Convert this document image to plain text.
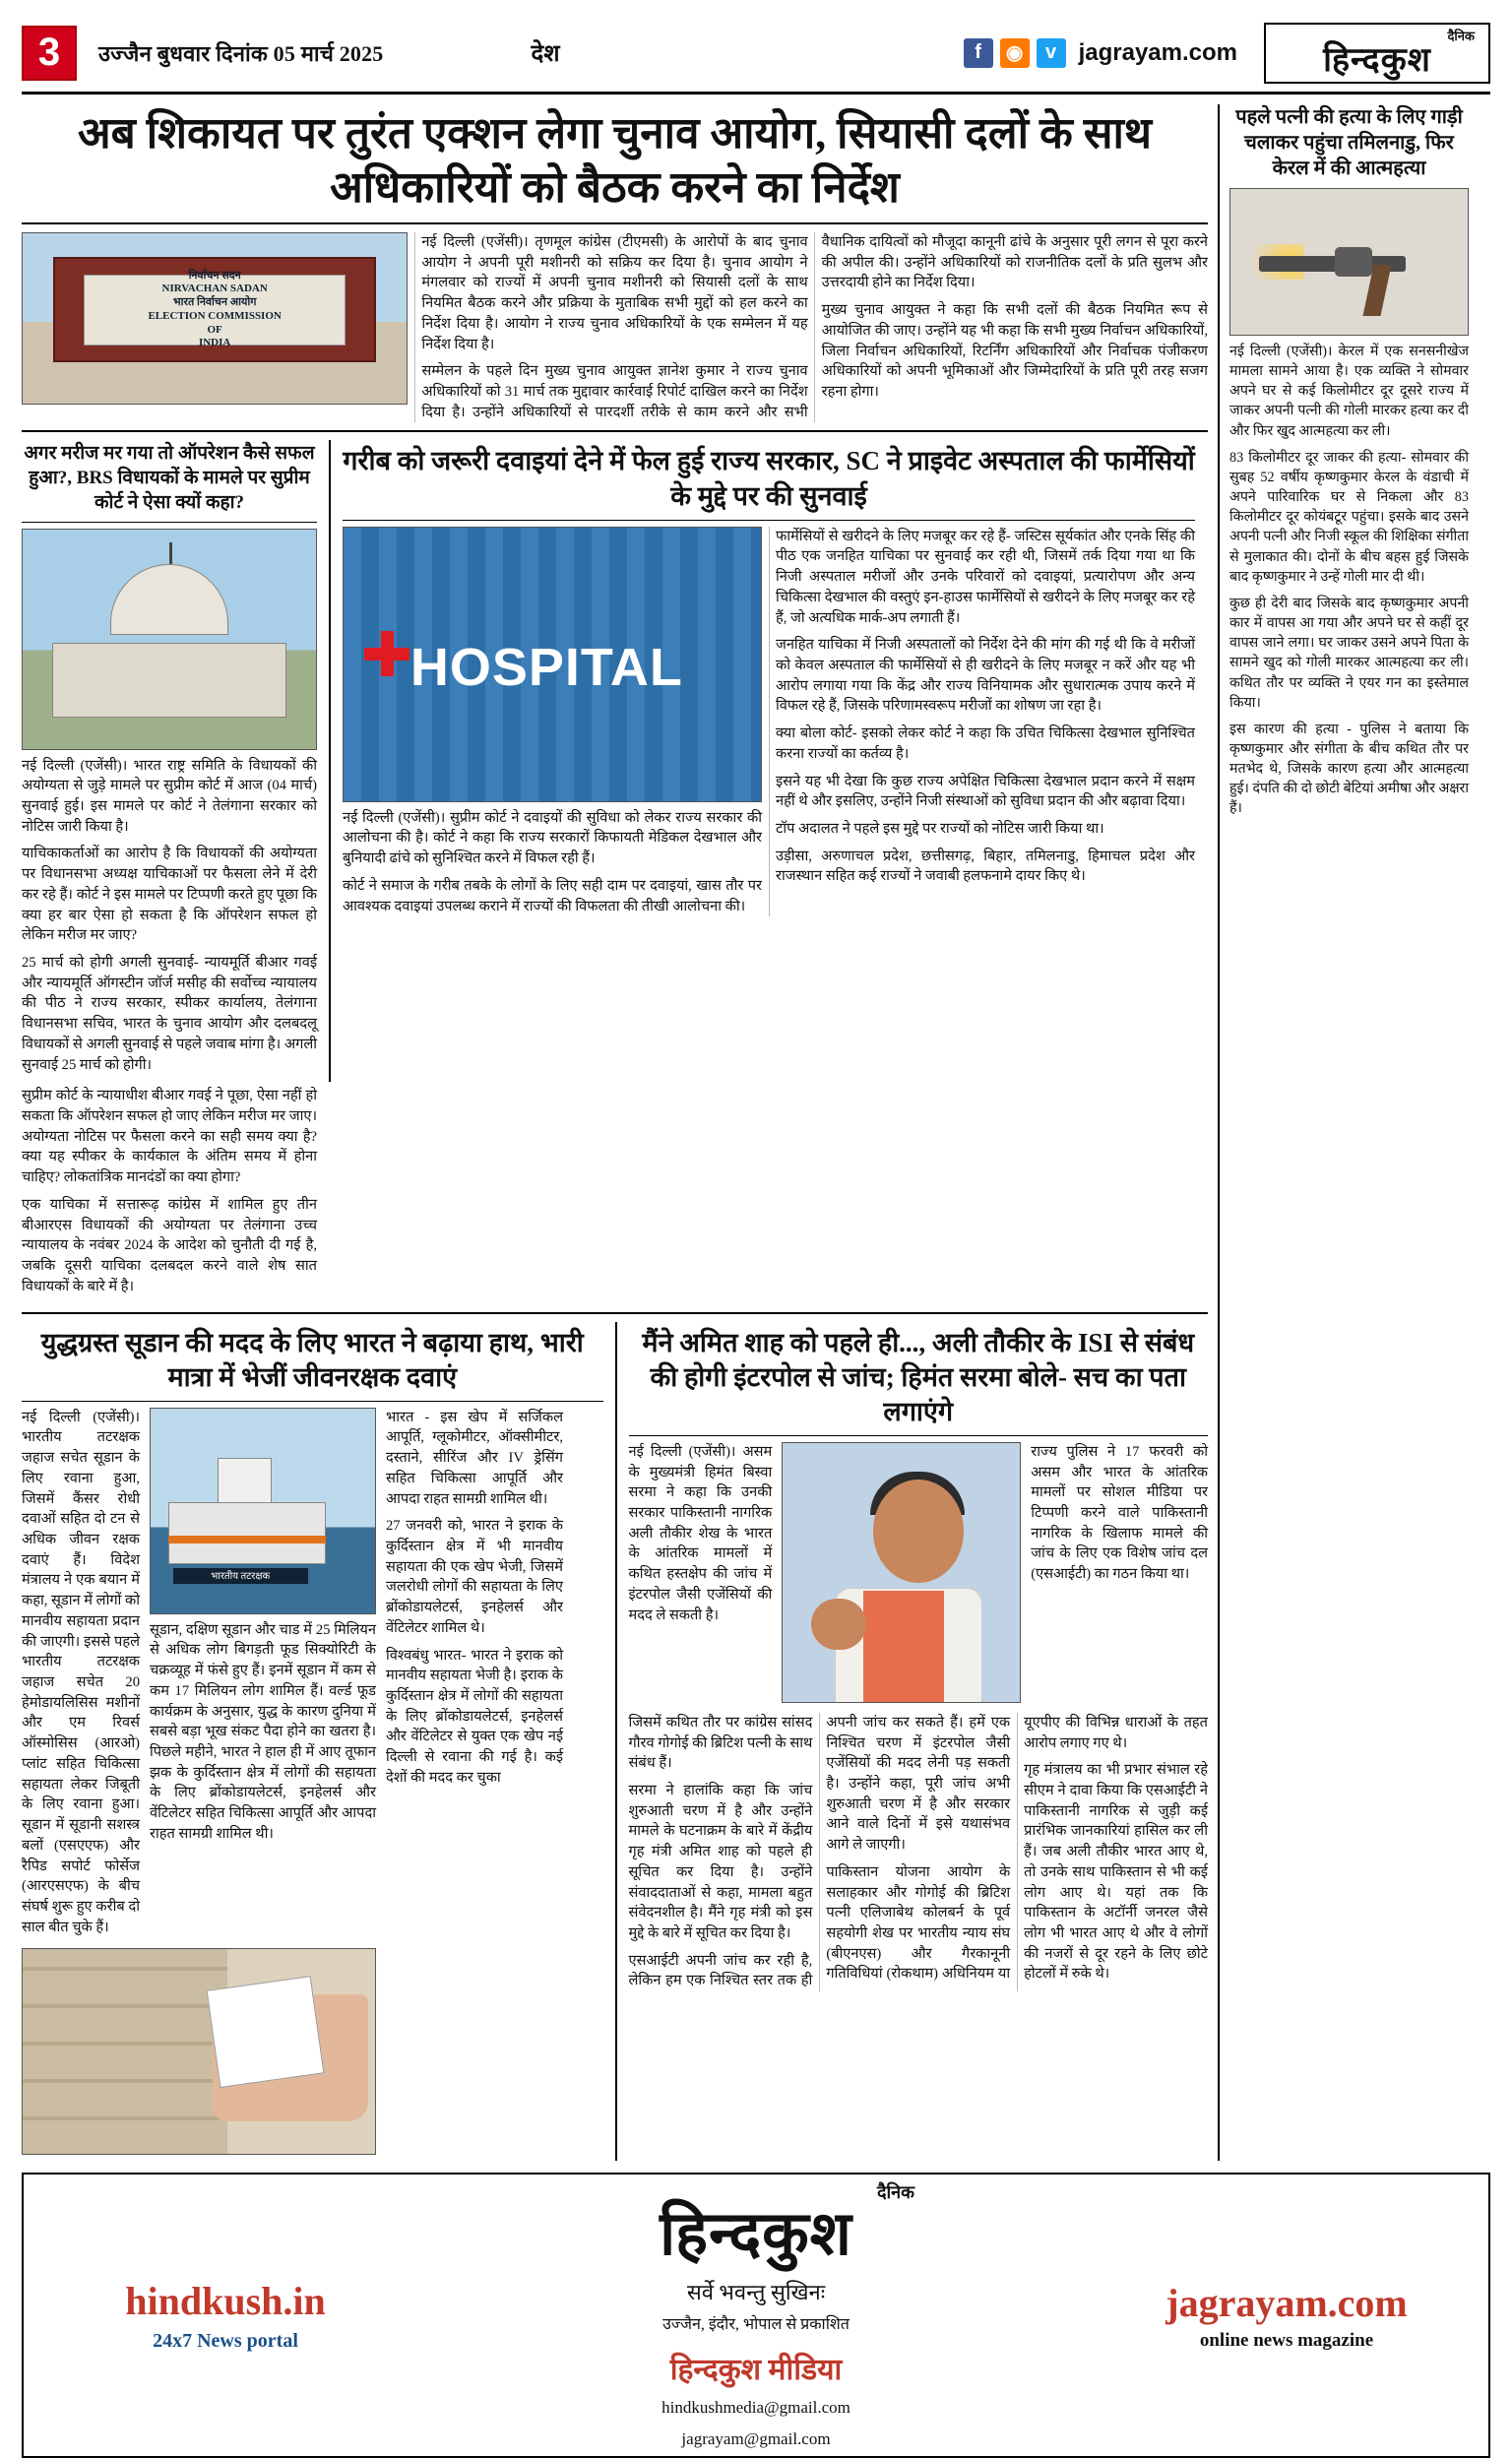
3	उज्जैन बुधवार दिनांक 05 मार्च 2025	देश	f	◉	ᴠ jagrayam.com
दैनिक
हिन्दकुश
अब शिकायत पर तुरंत एक्शन लेगा चुनाव आयोग, सियासी दलों के साथ अधिकारियों को बैठक करने का निर्देश
निर्वाचन सदन
NIRVACHAN SADAN
भारत निर्वाचन आयोग
ELECTION COMMISSION
OF
INDIA

नई दिल्ली (एजेंसी)। तृणमूल कांग्रेस (टीएमसी) के आरोपों के बाद चुनाव आयोग ने अपनी पूरी मशीनरी को सक्रिय कर दिया है। चुनाव आयोग ने मंगलवार को राज्यों में अपनी चुनाव मशीनरी को सियासी दलों के साथ नियमित बैठक करने और प्रक्रिया के मुताबिक सभी मुद्दों को हल करने का निर्देश दिया है। आयोग ने राज्य चुनाव अधिकारियों के एक सम्मेलन में यह निर्देश दिया है।

सम्मेलन के पहले दिन मुख्य चुनाव आयुक्त ज्ञानेश कुमार ने राज्य चुनाव अधिकारियों को 31 मार्च तक मुद्दावार कार्रवाई रिपोर्ट दाखिल करने का निर्देश दिया है। उन्होंने अधिकारियों से पारदर्शी तरीके से काम करने और सभी वैधानिक दायित्वों को मौजूदा कानूनी ढांचे के अनुसार पूरी लगन से पूरा करने की अपील की। उन्होंने अधिकारियों को राजनीतिक दलों के प्रति सुलभ और उत्तरदायी होने का निर्देश दिया।

मुख्य चुनाव आयुक्त ने कहा कि सभी दलों की बैठक नियमित रूप से आयोजित की जाए। उन्होंने यह भी कहा कि सभी मुख्य निर्वाचन अधिकारियों, जिला निर्वाचन अधिकारियों, रिटर्निंग अधिकारियों और निर्वाचक पंजीकरण अधिकारियों को अपनी भूमिकाओं और जिम्मेदारियों के प्रति पूरी तरह सजग रहना होगा।

अगर मरीज मर गया तो ऑपरेशन कैसे सफल हुआ?, BRS विधायकों के मामले पर सुप्रीम कोर्ट ने ऐसा क्यों कहा?

नई दिल्ली (एजेंसी)। भारत राष्ट्र समिति के विधायकों की अयोग्यता से जुड़े मामले पर सुप्रीम कोर्ट में आज (04 मार्च) सुनवाई हुई। इस मामले पर कोर्ट ने तेलंगाना सरकार को नोटिस जारी किया है।

याचिकाकर्ताओं का आरोप है कि विधायकों की अयोग्यता पर विधानसभा अध्यक्ष याचिकाओं पर फैसला लेने में देरी कर रहे हैं। कोर्ट ने इस मामले पर टिप्पणी करते हुए पूछा कि क्या हर बार ऐसा हो सकता है कि ऑपरेशन सफल हो लेकिन मरीज मर जाए?

25 मार्च को होगी अगली सुनवाई- न्यायमूर्ति बीआर गवई और न्यायमूर्ति ऑगस्टीन जॉर्ज मसीह की सर्वोच्च न्यायालय की पीठ ने राज्य सरकार, स्पीकर कार्यालय, तेलंगाना विधानसभा सचिव, भारत के चुनाव आयोग और दलबदलू विधायकों से अगली सुनवाई से पहले जवाब मांगा है। अगली सुनवाई 25 मार्च को होगी।

गरीब को जरूरी दवाइयां देने में फेल हुई राज्य सरकार, SC ने प्राइवेट अस्पताल की फार्मेसियों के मुद्दे पर की सुनवाई
HOSPITAL

नई दिल्ली (एजेंसी)। सुप्रीम कोर्ट ने दवाइयों की सुविधा को लेकर राज्य सरकार की आलोचना की है। कोर्ट ने कहा कि राज्य सरकारों किफायती मेडिकल देखभाल और बुनियादी ढांचे को सुनिश्चित करने में विफल रही हैं।

कोर्ट ने समाज के गरीब तबके के लोगों के लिए सही दाम पर दवाइयां, खास तौर पर आवश्यक दवाइयां उपलब्ध कराने में राज्यों की विफलता की तीखी आलोचना की।

फार्मेसियों से खरीदने के लिए मजबूर कर रहे हैं- जस्टिस सूर्यकांत और एनके सिंह की पीठ एक जनहित याचिका पर सुनवाई कर रही थी, जिसमें तर्क दिया गया था कि निजी अस्पताल मरीजों और उनके परिवारों को दवाइयां, प्रत्यारोपण और अन्य चिकित्सा देखभाल की वस्तुएं इन-हाउस फार्मेसियों से खरीदने के लिए मजबूर कर रहे हैं, जो अत्यधिक मार्क-अप लगाती हैं।

जनहित याचिका में निजी अस्पतालों को निर्देश देने की मांग की गई थी कि वे मरीजों को केवल अस्पताल की फार्मेसियों से ही खरीदने के लिए मजबूर न करें और यह भी आरोप लगाया गया कि केंद्र और राज्य विनियामक और सुधारात्मक उपाय करने में विफल रहे हैं, जिसके परिणामस्वरूप मरीजों का शोषण जा रहा है।

क्या बोला कोर्ट- इसको लेकर कोर्ट ने कहा कि उचित चिकित्सा देखभाल सुनिश्चित करना राज्यों का कर्तव्य है।

इसने यह भी देखा कि कुछ राज्य अपेक्षित चिकित्सा देखभाल प्रदान करने में सक्षम नहीं थे और इसलिए, उन्होंने निजी संस्थाओं को सुविधा प्रदान की और बढ़ावा दिया।

टॉप अदालत ने पहले इस मुद्दे पर राज्यों को नोटिस जारी किया था।

उड़ीसा, अरुणाचल प्रदेश, छत्तीसगढ़, बिहार, तमिलनाडु, हिमाचल प्रदेश और राजस्थान सहित कई राज्यों ने जवाबी हलफनामे दायर किए थे।

सुप्रीम कोर्ट के न्यायाधीश बीआर गवई ने पूछा, ऐसा नहीं हो सकता कि ऑपरेशन सफल हो जाए लेकिन मरीज मर जाए। अयोग्यता नोटिस पर फैसला करने का सही समय क्या है? क्या यह स्पीकर के कार्यकाल के अंतिम समय में होना चाहिए? लोकतांत्रिक मानदंडों का क्या होगा?

एक याचिका में सत्तारूढ़ कांग्रेस में शामिल हुए तीन बीआरएस विधायकों की अयोग्यता पर तेलंगाना उच्च न्यायालय के नवंबर 2024 के आदेश को चुनौती दी गई है, जबकि दूसरी याचिका दलबदल करने वाले शेष सात विधायकों के बारे में है।

युद्धग्रस्त सूडान की मदद के लिए भारत ने बढ़ाया हाथ, भारी मात्रा में भेजीं जीवनरक्षक दवाएं

नई दिल्ली (एजेंसी)। भारतीय तटरक्षक जहाज सचेत सूडान के लिए रवाना हुआ, जिसमें कैंसर रोधी दवाओं सहित दो टन से अधिक जीवन रक्षक दवाएं हैं। विदेश मंत्रालय ने एक बयान में कहा, सूडान में लोगों को मानवीय सहायता प्रदान की जाएगी। इससे पहले भारतीय तटरक्षक जहाज सचेत 20 हेमोडायलिसिस मशीनों और एम रिवर्स ऑस्मोसिस (आरओ) प्लांट सहित चिकित्सा सहायता लेकर जिबूती के लिए रवाना हुआ। सूडान में सूडानी सशस्त्र बलों (एसएएफ) और रैपिड सपोर्ट फोर्सेज (आरएसएफ) के बीच संघर्ष शुरू हुए करीब दो साल बीत चुके हैं।

भारतीय तटरक्षक

सूडान, दक्षिण सूडान और चाड में 25 मिलियन से अधिक लोग बिगड़ती फूड सिक्योरिटी के चक्रव्यूह में फंसे हुए हैं। इनमें सूडान में कम से कम 17 मिलियन लोग शामिल हैं। वर्ल्ड फूड कार्यक्रम के अनुसार, युद्ध के कारण दुनिया में सबसे बड़ा भूख संकट पैदा होने का खतरा है। पिछले महीने, भारत ने हाल ही में आए तूफान झक के कुर्दिस्तान क्षेत्र में लोगों की सहायता के लिए ब्रोंकोडायलेटर्स, इनहेलर्स और वेंटिलेटर सहित चिकित्सा आपूर्ति और आपदा राहत सामग्री शामिल थी।

भारत - इस खेप में सर्जिकल आपूर्ति, ग्लूकोमीटर, ऑक्सीमीटर, दस्ताने, सीरिंज और IV ड्रेसिंग सहित चिकित्सा आपूर्ति और आपदा राहत सामग्री शामिल थी।

27 जनवरी को, भारत ने इराक के कुर्दिस्तान क्षेत्र में भी मानवीय सहायता की एक खेप भेजी, जिसमें जलरोधी लोगों की सहायता के लिए ब्रोंकोडायलेटर्स, इनहेलर्स और वेंटिलेटर शामिल थे।

विश्वबंधु भारत- भारत ने इराक को मानवीय सहायता भेजी है। इराक के कुर्दिस्तान क्षेत्र में लोगों की सहायता के लिए ब्रोंकोडायलेटर्स, इनहेलर्स और वेंटिलेटर से युक्त एक खेप नई दिल्ली से रवाना की गई है। कई देशों की मदद कर चुका

मैंने अमित शाह को पहले ही..., अली तौकीर के ISI से संबंध की होगी इंटरपोल से जांच; हिमंत सरमा बोले- सच का पता लगाएंगे

नई दिल्ली (एजेंसी)। असम के मुख्यमंत्री हिमंत बिस्वा सरमा ने कहा कि उनकी सरकार पाकिस्तानी नागरिक अली तौकीर शेख के भारत के आंतरिक मामलों में कथित हस्तक्षेप की जांच में इंटरपोल जैसी एजेंसियों की मदद ले सकती है।

राज्य पुलिस ने 17 फरवरी को असम और भारत के आंतरिक मामलों पर सोशल मीडिया पर टिप्पणी करने वाले पाकिस्तानी नागरिक के खिलाफ मामले की जांच के लिए एक विशेष जांच दल (एसआईटी) का गठन किया था।

जिसमें कथित तौर पर कांग्रेस सांसद गौरव गोगोई की ब्रिटिश पत्नी के साथ संबंध हैं।

सरमा ने हालांकि कहा कि जांच शुरुआती चरण में है और उन्होंने मामले के घटनाक्रम के बारे में केंद्रीय गृह मंत्री अमित शाह को पहले ही सूचित कर दिया है। उन्होंने संवाददाताओं से कहा, मामला बहुत संवेदनशील है। मैंने गृह मंत्री को इस मुद्दे के बारे में सूचित कर दिया है।

एसआईटी अपनी जांच कर रही है, लेकिन हम एक निश्चित स्तर तक ही अपनी जांच कर सकते हैं। हमें एक निश्चित चरण में इंटरपोल जैसी एजेंसियों की मदद लेनी पड़ सकती है। उन्होंने कहा, पूरी जांच अभी शुरुआती चरण में है और सरकार आने वाले दिनों में इसे यथासंभव आगे ले जाएगी।

पाकिस्तान योजना आयोग के सलाहकार और गोगोई की ब्रिटिश पत्नी एलिजाबेथ कोलबर्न के पूर्व सहयोगी शेख पर भारतीय न्याय संघ (बीएनएस) और गैरकानूनी गतिविधियां (रोकथाम) अधिनियम या यूएपीए की विभिन्न धाराओं के तहत आरोप लगाए गए थे।

गृह मंत्रालय का भी प्रभार संभाल रहे सीएम ने दावा किया कि एसआईटी ने पाकिस्तानी नागरिक से जुड़ी कई प्रारंभिक जानकारियां हासिल कर ली हैं। जब अली तौकीर भारत आए थे, तो उनके साथ पाकिस्तान से भी कई लोग आए थे। यहां तक कि पाकिस्तान के अटॉर्नी जनरल जैसे लोग भी भारत आए थे और वे लोगों की नजरों से दूर रहने के लिए छोटे होटलों में रुके थे।

पहले पत्नी की हत्या के लिए गाड़ी चलाकर पहुंचा तमिलनाडु, फिर केरल में की आत्महत्या

नई दिल्ली (एजेंसी)। केरल में एक सनसनीखेज मामला सामने आया है। एक व्यक्ति ने सोमवार अपने घर से कई किलोमीटर दूर दूसरे राज्य में जाकर अपनी पत्नी की गोली मारकर हत्या कर दी और फिर खुद आत्महत्या कर ली।

83 किलोमीटर दूर जाकर की हत्या- सोमवार की सुबह 52 वर्षीय कृष्णकुमार केरल के वंडाची में अपने पारिवारिक घर से निकला और 83 किलोमीटर दूर कोयंबटूर पहुंचा। इसके बाद उसने अपनी पत्नी और निजी स्कूल की शिक्षिका संगीता से मुलाकात की। दोनों के बीच बहस हुई जिसके बाद कृष्णकुमार ने उन्हें गोली मार दी थी।

कुछ ही देरी बाद जिसके बाद कृष्णकुमार अपनी कार में वापस आ गया और अपने घर से कहीं दूर वापस जाने लगा। घर जाकर उसने अपने पिता के सामने खुद को गोली मारकर आत्महत्या कर ली। कथित तौर पर व्यक्ति ने एयर गन का इस्तेमाल किया।

इस कारण की हत्या - पुलिस ने बताया कि कृष्णकुमार और संगीता के बीच कथित तौर पर मतभेद थे, जिसके कारण हत्या और आत्महत्या हुई। दंपति की दो छोटी बेटियां अमीषा और अक्षरा हैं।

hindkush.in
24x7 News portal
दैनिक
हिन्दकुश
सर्वे भवन्तु सुखिनः
उज्जैन, इंदौर, भोपाल से प्रकाशित
हिन्दकुश मीडिया
hindkushmedia@gmail.com
jagrayam@gmail.com
jagrayam.com
online news magazine
